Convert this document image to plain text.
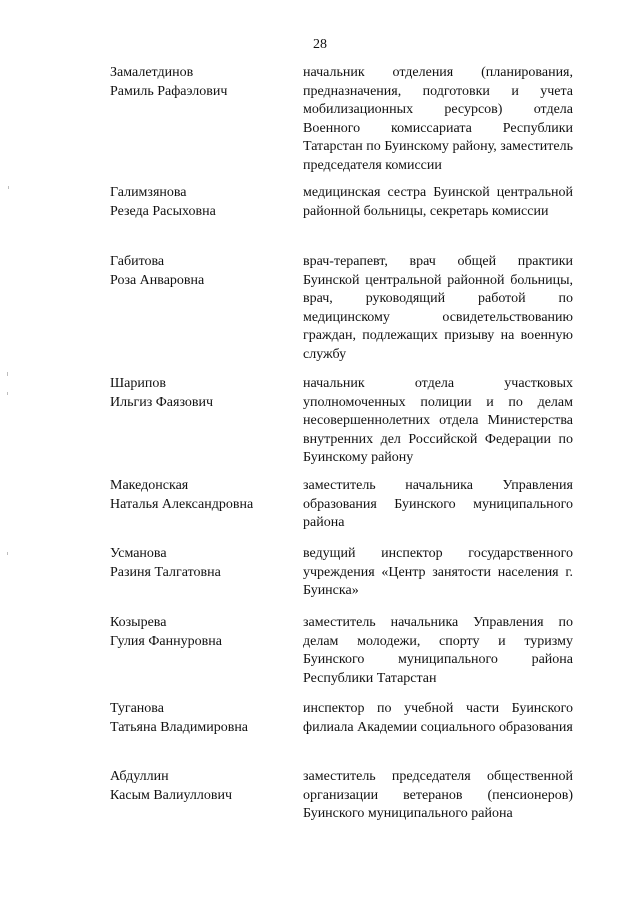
28
Замалетдинов
Рамиль Рафаэлович
начальник отделения (планирования, предназначения, подготовки и учета мобилизационных ресурсов) отдела Военного комиссариата Республики Татарстан по Буинскому району, заместитель председателя комиссии
Галимзянова
Резеда Расыховна
медицинская сестра Буинской центральной районной больницы, секретарь комиссии
Габитова
Роза Анваровна
врач-терапевт, врач общей практики Буинской центральной районной больницы, врач, руководящий работой по медицинскому освидетельствованию граждан, подлежащих призыву на военную службу
Шарипов
Ильгиз Фаязович
начальник отдела участковых уполномоченных полиции и по делам несовершеннолетних отдела Министерства внутренних дел Российской Федерации по Буинскому району
Македонская
Наталья Александровна
заместитель начальника Управления образования Буинского муниципального района
Усманова
Разиня Талгатовна
ведущий инспектор государственного учреждения «Центр занятости населения г. Буинска»
Козырева
Гулия Фаннуровна
заместитель начальника Управления по делам молодежи, спорту и туризму Буинского муниципального района Республики Татарстан
Туганова
Татьяна Владимировна
инспектор по учебной части Буинского филиала Академии социального образования
Абдуллин
Касым Валиуллович
заместитель председателя общественной организации ветеранов (пенсионеров) Буинского муниципального района
